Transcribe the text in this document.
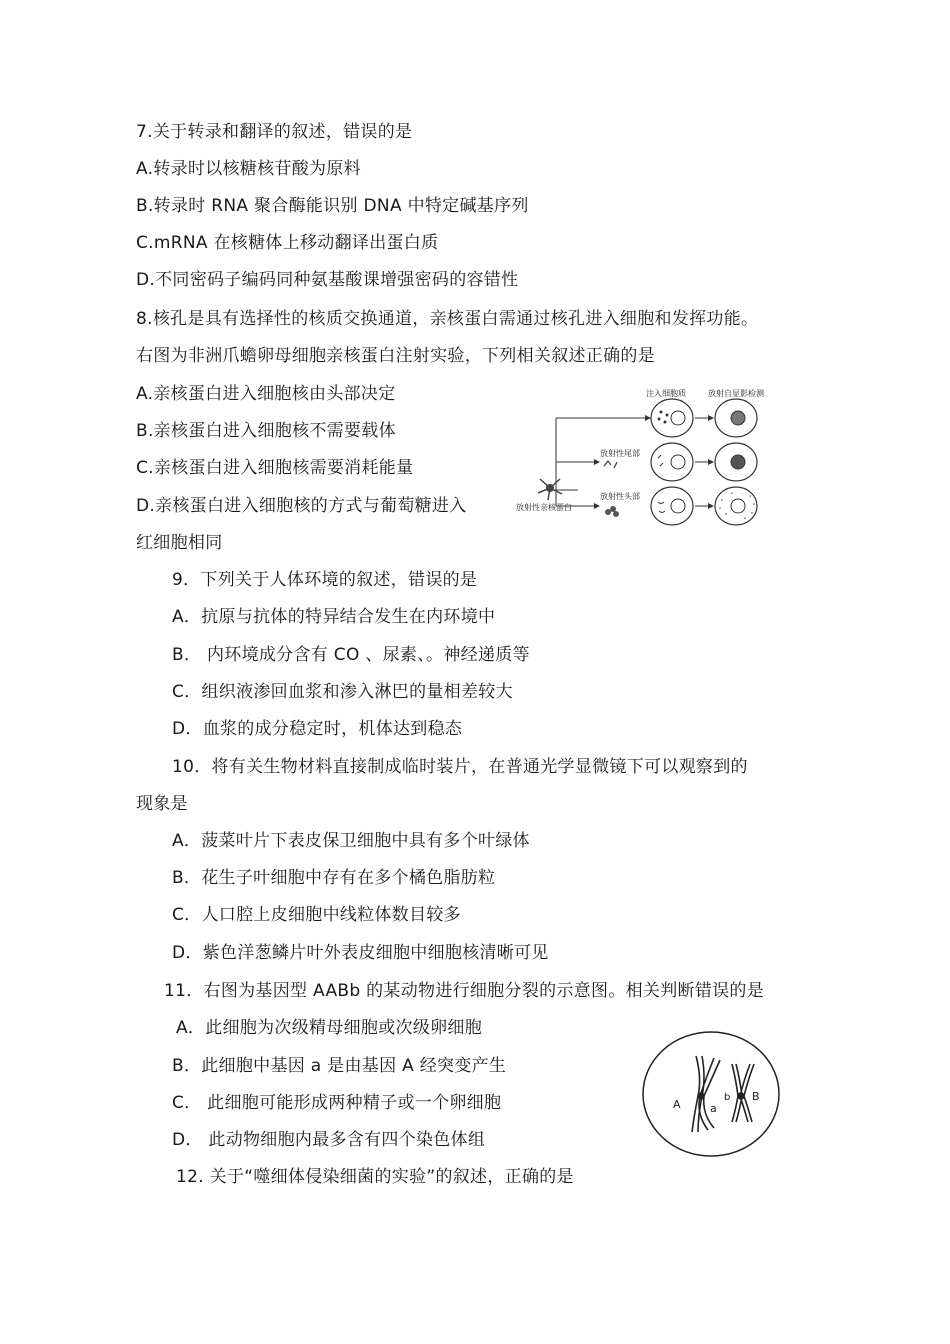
7.关于转录和翻译的叙述，错误的是
A.转录时以核糖核苷酸为原料
B.转录时 RNA 聚合酶能识别 DNA 中特定碱基序列
C.mRNA 在核糖体上移动翻译出蛋白质
D.不同密码子编码同种氨基酸课增强密码的容错性
8.核孔是具有选择性的核质交换通道，亲核蛋白需通过核孔进入细胞和发挥功能。
右图为非洲爪蟾卵母细胞亲核蛋白注射实验，下列相关叙述正确的是
A.亲核蛋白进入细胞核由头部决定
B.亲核蛋白进入细胞核不需要载体
C.亲核蛋白进入细胞核需要消耗能量
D.亲核蛋白进入细胞核的方式与葡萄糖进入
红细胞相同
注入细胞质	放射自显影检测
放射性尾部
放射性头部
放射性亲核蛋白
9．下列关于人体环境的叙述，错误的是
A．抗原与抗体的特异结合发生在内环境中
B． 内环境成分含有 CO 、尿素、。神经递质等
C．组织液渗回血浆和渗入淋巴的量相差较大
D．血浆的成分稳定时，机体达到稳态
10．将有关生物材料直接制成临时装片，在普通光学显微镜下可以观察到的
现象是
A．菠菜叶片下表皮保卫细胞中具有多个叶绿体
B．花生子叶细胞中存有在多个橘色脂肪粒
C．人口腔上皮细胞中线粒体数目较多
D．紫色洋葱鳞片叶外表皮细胞中细胞核清晰可见
11．右图为基因型 AABb 的某动物进行细胞分裂的示意图。相关判断错误的是
A．此细胞为次级精母细胞或次级卵细胞
B．此细胞中基因 a 是由基因 A 经突变产生
C． 此细胞可能形成两种精子或一个卵细胞
D． 此动物细胞内最多含有四个染色体组
A	a
b B
12. 关于“噬细体侵染细菌的实验”的叙述，正确的是
